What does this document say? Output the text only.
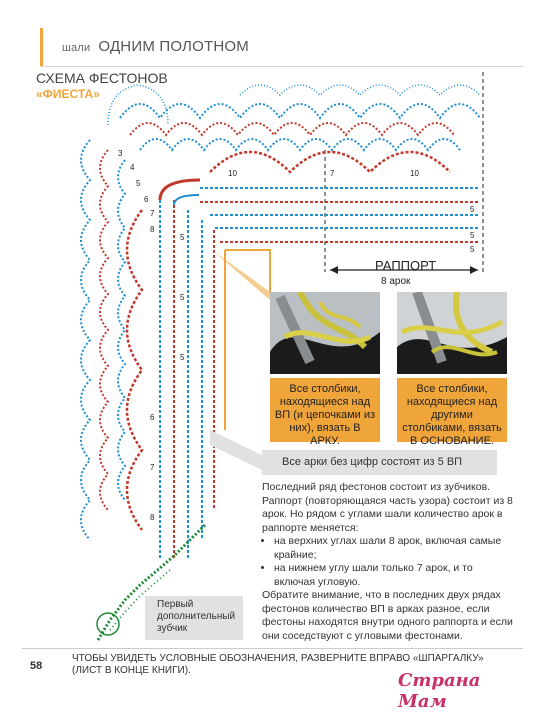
шали ОДНИМ ПОЛОТНОМ
СХЕМА ФЕСТОНОВ
«ФИЕСТА»
10	7	10
5
5
5
3
4
5
6
7
8
5
5
5
6
7
8
РАППОРТ
8 арок
Все столбики, находящиеся над ВП (и цепочками из них), вязать В АРКУ.
Все столбики, находящиеся над другими столбиками, вязать В ОСНОВАНИЕ.
Все арки без цифр состоят из 5 ВП
Последний ряд фестонов состоит из зубчиков. Раппорт (повторяющаяся часть узора) состоит из 8 арок. Но рядом с углами шали количество арок в раппорте меняется:
• на верхних углах шали 8 арок, включая самые крайние;
• на нижнем углу шали только 7 арок, и то включая угловую.
Обратите внимание, что в последних двух рядах фестонов количество ВП в арках разное, если фестоны находятся внутри одного раппорта и если они соседствуют с угловыми фестонами.
Первый дополнительный зубчик
58
ЧТОБЫ УВИДЕТЬ УСЛОВНЫЕ ОБОЗНАЧЕНИЯ, РАЗВЕРНИТЕ ВПРАВО «ШПАРГАЛКУ» (ЛИСТ В КОНЦЕ КНИГИ).	Страна Мам
